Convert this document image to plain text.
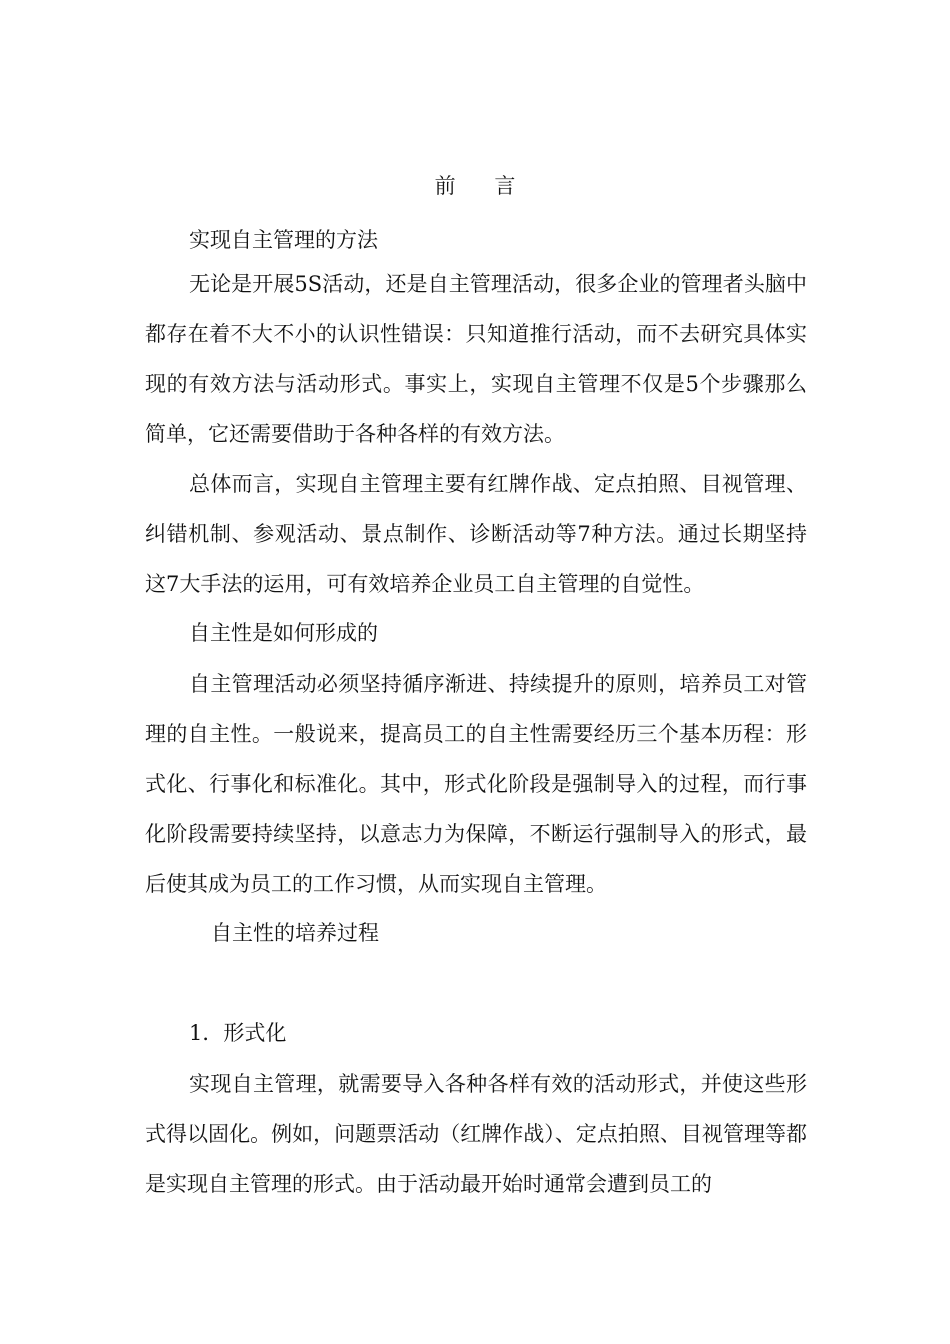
前 言
实现自主管理的方法
无论是开展5S活动，还是自主管理活动，很多企业的管理者头脑中都存在着不大不小的认识性错误：只知道推行活动，而不去研究具体实现的有效方法与活动形式。事实上，实现自主管理不仅是5个步骤那么简单，它还需要借助于各种各样的有效方法。
总体而言，实现自主管理主要有红牌作战、定点拍照、目视管理、纠错机制、参观活动、景点制作、诊断活动等7种方法。通过长期坚持这7大手法的运用，可有效培养企业员工自主管理的自觉性。
自主性是如何形成的
自主管理活动必须坚持循序渐进、持续提升的原则，培养员工对管理的自主性。一般说来，提高员工的自主性需要经历三个基本历程：形式化、行事化和标准化。其中，形式化阶段是强制导入的过程，而行事化阶段需要持续坚持，以意志力为保障，不断运行强制导入的形式，最后使其成为员工的工作习惯，从而实现自主管理。
自主性的培养过程
1．形式化
实现自主管理，就需要导入各种各样有效的活动形式，并使这些形式得以固化。例如，问题票活动（红牌作战）、定点拍照、目视管理等都是实现自主管理的形式。由于活动最开始时通常会遭到员工的
